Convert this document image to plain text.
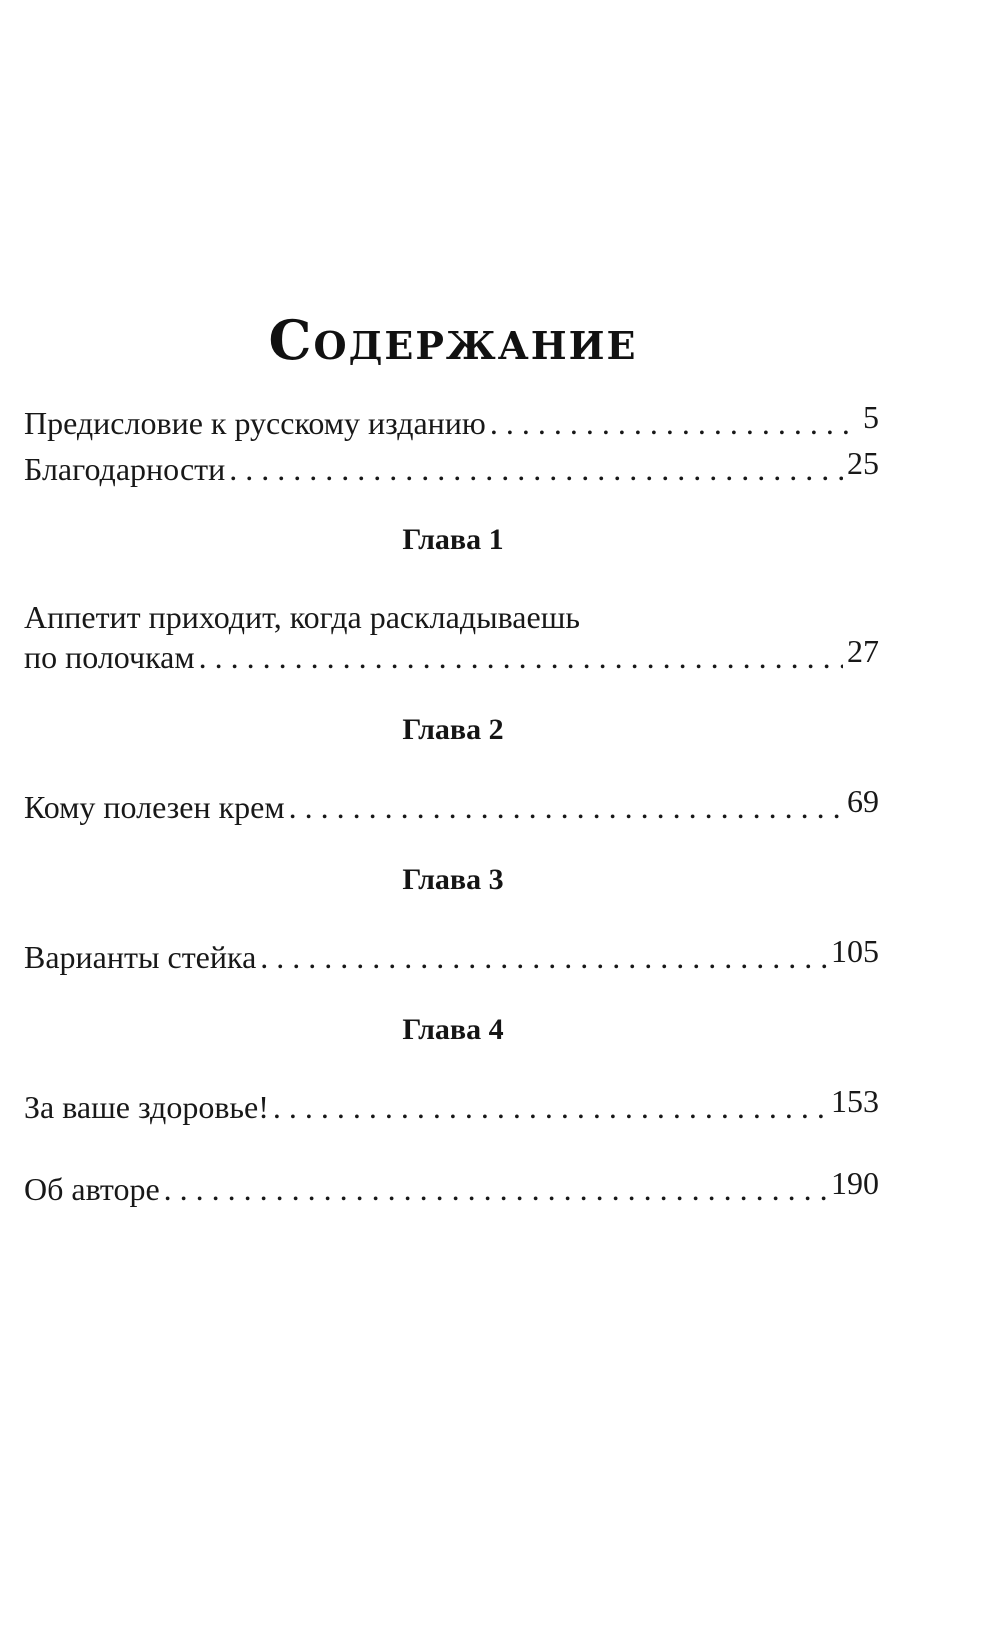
Содержание
Предисловие к русскому изданию . . .	5
Благодарности . . .	25
Глава 1
Аппетит приходит, когда раскладываешь
по полочкам . . .	27
Глава 2
Кому полезен крем . . .	69
Глава 3
Варианты стейка . . .	105
Глава 4
За ваше здоровье! . . .	153
Об авторе . . .	190
